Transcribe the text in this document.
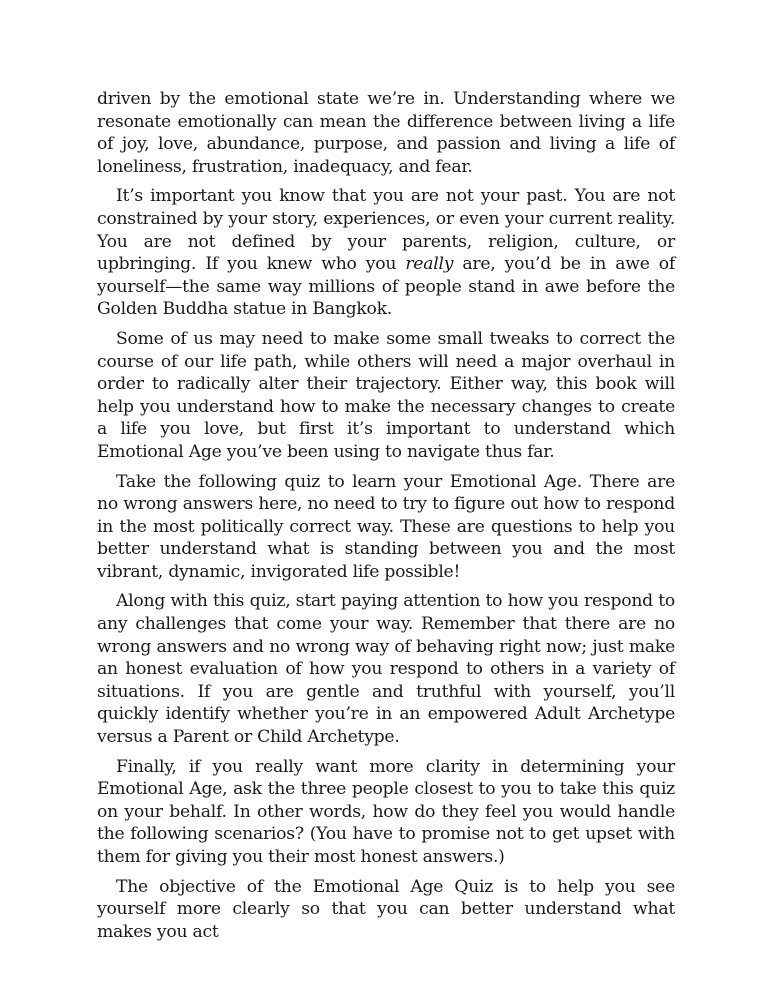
driven by the emotional state we’re in. Understanding where we resonate emotionally can mean the difference between living a life of joy, love, abundance, purpose, and passion and living a life of loneliness, frustration, inadequacy, and fear.

It’s important you know that you are not your past. You are not constrained by your story, experiences, or even your current reality. You are not defined by your parents, religion, culture, or upbringing. If you knew who you really are, you’d be in awe of yourself—the same way millions of people stand in awe before the Golden Buddha statue in Bangkok.

Some of us may need to make some small tweaks to correct the course of our life path, while others will need a major overhaul in order to radically alter their trajectory. Either way, this book will help you understand how to make the necessary changes to create a life you love, but first it’s important to understand which Emotional Age you’ve been using to navigate thus far.

Take the following quiz to learn your Emotional Age. There are no wrong answers here, no need to try to figure out how to respond in the most politically correct way. These are questions to help you better understand what is standing between you and the most vibrant, dynamic, invigorated life possible!

Along with this quiz, start paying attention to how you respond to any challenges that come your way. Remember that there are no wrong answers and no wrong way of behaving right now; just make an honest evaluation of how you respond to others in a variety of situations. If you are gentle and truthful with yourself, you’ll quickly identify whether you’re in an empowered Adult Archetype versus a Parent or Child Archetype.

Finally, if you really want more clarity in determining your Emotional Age, ask the three people closest to you to take this quiz on your behalf. In other words, how do they feel you would handle the following scenarios? (You have to promise not to get upset with them for giving you their most honest answers.)

The objective of the Emotional Age Quiz is to help you see yourself more clearly so that you can better understand what makes you act
